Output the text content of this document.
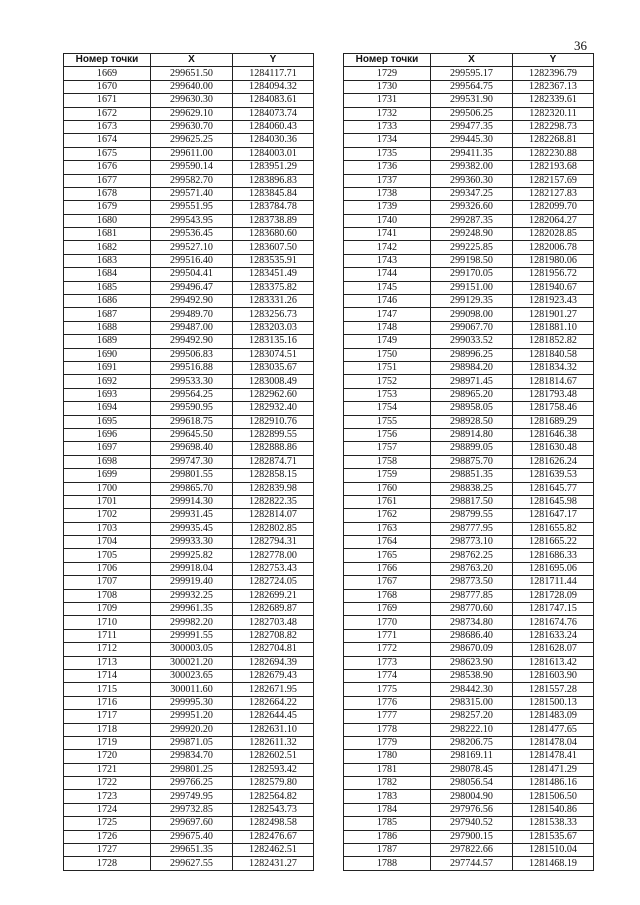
36
Номер точки	X	Y
1669	299651.50	1284117.71
1670	299640.00	1284094.32
1671	299630.30	1284083.61
1672	299629.10	1284073.74
1673	299630.70	1284060.43
1674	299625.25	1284030.36
1675	299611.00	1284003.01
1676	299590.14	1283951.29
1677	299582.70	1283896.83
1678	299571.40	1283845.84
1679	299551.95	1283784.78
1680	299543.95	1283738.89
1681	299536.45	1283680.60
1682	299527.10	1283607.50
1683	299516.40	1283535.91
1684	299504.41	1283451.49
1685	299496.47	1283375.82
1686	299492.90	1283331.26
1687	299489.70	1283256.73
1688	299487.00	1283203.03
1689	299492.90	1283135.16
1690	299506.83	1283074.51
1691	299516.88	1283035.67
1692	299533.30	1283008.49
1693	299564.25	1282962.60
1694	299590.95	1282932.40
1695	299618.75	1282910.76
1696	299645.50	1282899.55
1697	299698.40	1282888.86
1698	299747.30	1282874.71
1699	299801.55	1282858.15
1700	299865.70	1282839.98
1701	299914.30	1282822.35
1702	299931.45	1282814.07
1703	299935.45	1282802.85
1704	299933.30	1282794.31
1705	299925.82	1282778.00
1706	299918.04	1282753.43
1707	299919.40	1282724.05
1708	299932.25	1282699.21
1709	299961.35	1282689.87
1710	299982.20	1282703.48
1711	299991.55	1282708.82
1712	300003.05	1282704.81
1713	300021.20	1282694.39
1714	300023.65	1282679.43
1715	300011.60	1282671.95
1716	299995.30	1282664.22
1717	299951.20	1282644.45
1718	299920.20	1282631.10
1719	299871.05	1282611.32
1720	299834.70	1282602.51
1721	299801.25	1282593.42
1722	299766.25	1282579.80
1723	299749.95	1282564.82
1724	299732.85	1282543.73
1725	299697.60	1282498.58
1726	299675.40	1282476.67
1727	299651.35	1282462.51
1728	299627.55	1282431.27
Номер точки	X	Y
1729	299595.17	1282396.79
1730	299564.75	1282367.13
1731	299531.90	1282339.61
1732	299506.25	1282320.11
1733	299477.35	1282298.73
1734	299445.30	1282268.81
1735	299411.35	1282230.88
1736	299382.00	1282193.68
1737	299360.30	1282157.69
1738	299347.25	1282127.83
1739	299326.60	1282099.70
1740	299287.35	1282064.27
1741	299248.90	1282028.85
1742	299225.85	1282006.78
1743	299198.50	1281980.06
1744	299170.05	1281956.72
1745	299151.00	1281940.67
1746	299129.35	1281923.43
1747	299098.00	1281901.27
1748	299067.70	1281881.10
1749	299033.52	1281852.82
1750	298996.25	1281840.58
1751	298984.20	1281834.32
1752	298971.45	1281814.67
1753	298965.20	1281793.48
1754	298958.05	1281758.46
1755	298928.50	1281689.29
1756	298914.80	1281646.38
1757	298899.05	1281630.48
1758	298875.70	1281626.24
1759	298851.35	1281639.53
1760	298838.25	1281645.77
1761	298817.50	1281645.98
1762	298799.55	1281647.17
1763	298777.95	1281655.82
1764	298773.10	1281665.22
1765	298762.25	1281686.33
1766	298763.20	1281695.06
1767	298773.50	1281711.44
1768	298777.85	1281728.09
1769	298770.60	1281747.15
1770	298734.80	1281674.76
1771	298686.40	1281633.24
1772	298670.09	1281628.07
1773	298623.90	1281613.42
1774	298538.90	1281603.90
1775	298442.30	1281557.28
1776	298315.00	1281500.13
1777	298257.20	1281483.09
1778	298222.10	1281477.65
1779	298206.75	1281478.04
1780	298169.11	1281478.41
1781	298078.45	1281471.29
1782	298056.54	1281486.16
1783	298004.90	1281506.50
1784	297976.56	1281540.86
1785	297940.52	1281538.33
1786	297900.15	1281535.67
1787	297822.66	1281510.04
1788	297744.57	1281468.19
